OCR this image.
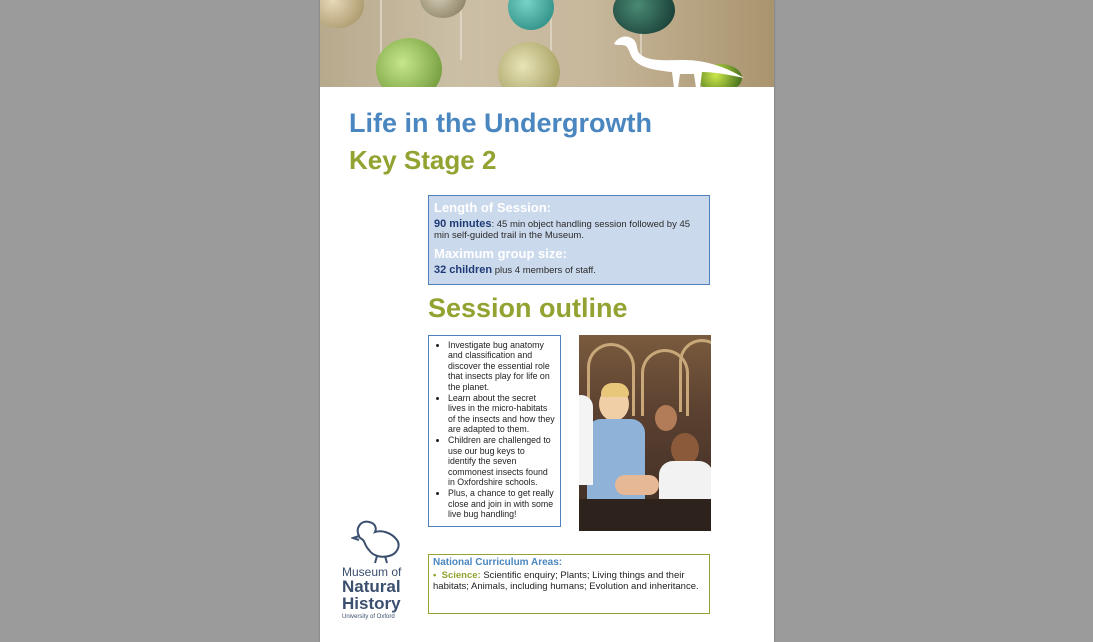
Life in the Undergrowth
Key Stage 2

Length of Session:

90 minutes: 45 min object handling session followed by 45 min self-guided trail in the Museum.

Maximum group size:

32 children plus 4 members of staff.

Session outline
• Investigate bug anatomy and classification and discover the essential role that insects play for life on the planet.
• Learn about the secret lives in the micro-habitats of the insects and how they are adapted to them.
• Children are challenged to use our bug keys to identify the seven commonest insects found in Oxfordshire schools.
• Plus, a chance to get really close and join in with some live bug handling!
Museum of
Natural
History
University of Oxford

National Curriculum Areas:

• Science: Scientific enquiry; Plants; Living things and their habitats; Animals, including humans; Evolution and inheritance.
